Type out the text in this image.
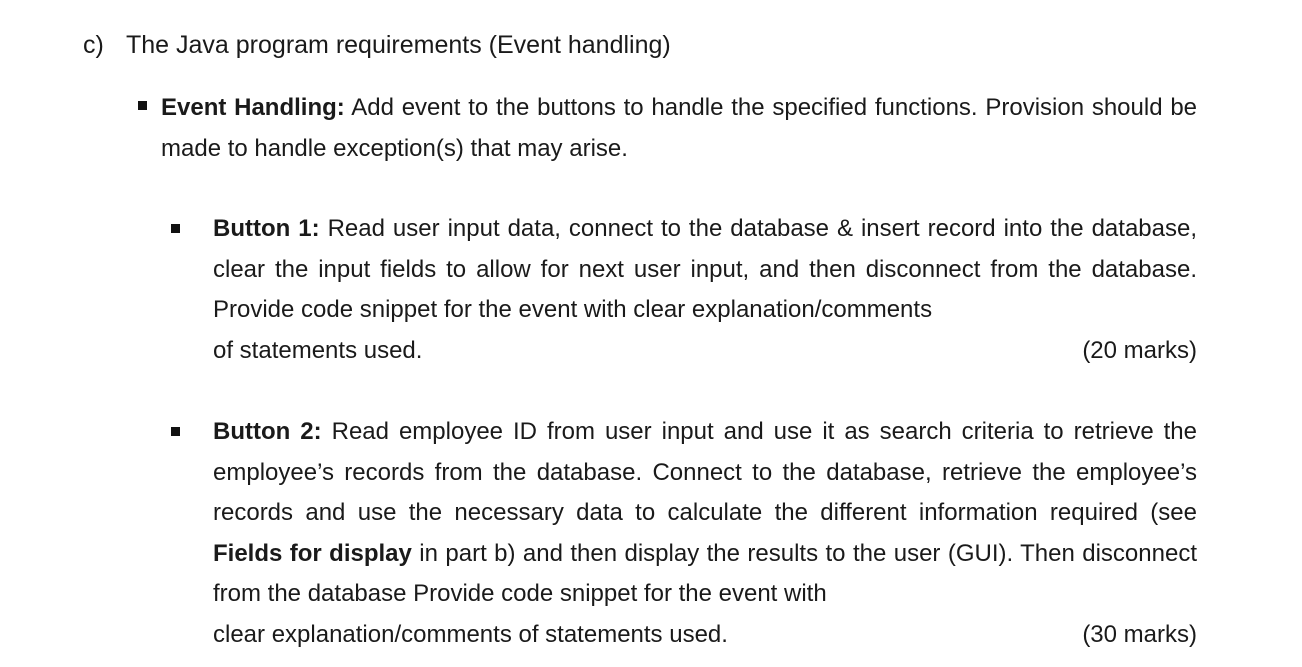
c) The Java program requirements (Event handling)
Event Handling: Add event to the buttons to handle the specified functions. Provision should be made to handle exception(s) that may arise.
Button 1: Read user input data, connect to the database & insert record into the database, clear the input fields to allow for next user input, and then disconnect from the database. Provide code snippet for the event with clear explanation/comments
of statements used.	(20 marks)
Button 2: Read employee ID from user input and use it as search criteria to retrieve the employee’s records from the database. Connect to the database, retrieve the employee’s records and use the necessary data to calculate the different information required (see Fields for display in part b) and then display the results to the user (GUI). Then disconnect from the database Provide code snippet for the event with
clear explanation/comments of statements used.	(30 marks)
